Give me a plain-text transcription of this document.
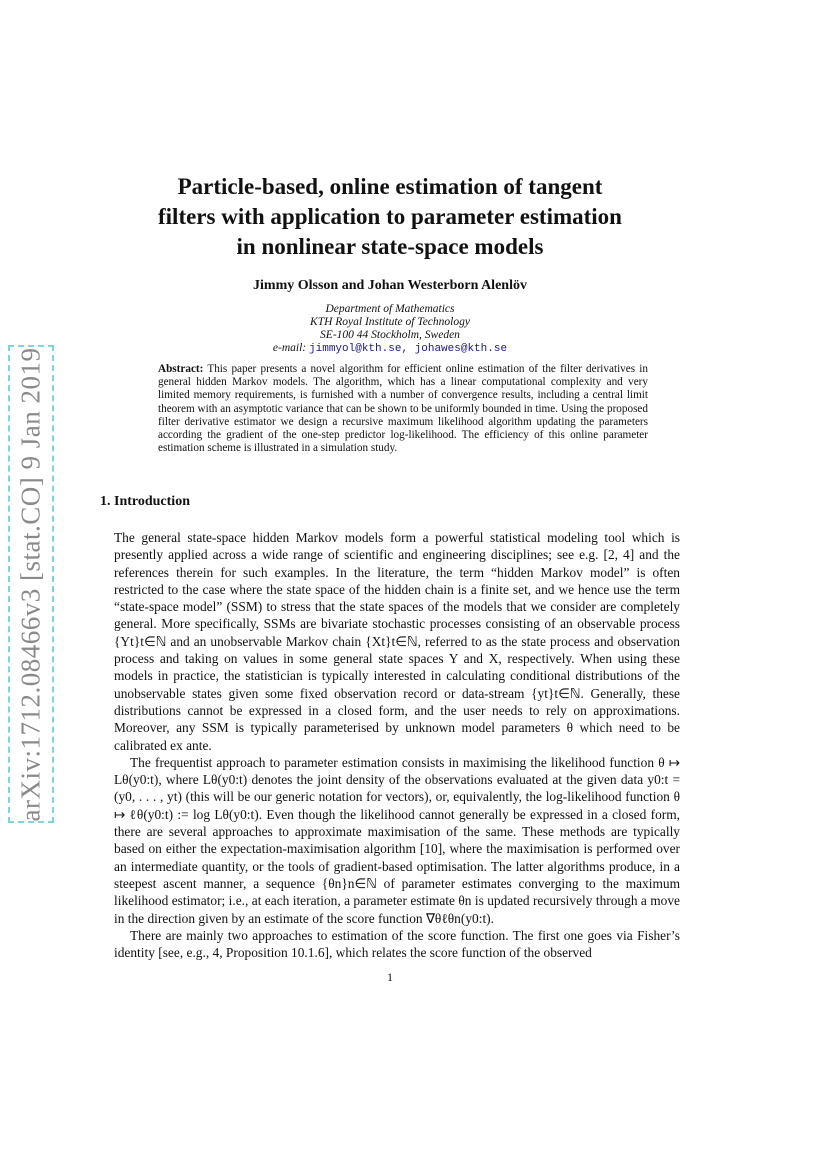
arXiv:1712.08466v3 [stat.CO] 9 Jan 2019
Particle-based, online estimation of tangent
filters with application to parameter estimation
in nonlinear state-space models
Jimmy Olsson and Johan Westerborn Alenlöv
Department of Mathematics
KTH Royal Institute of Technology
SE-100 44 Stockholm, Sweden
e-mail: jimmyol@kth.se, johawes@kth.se
Abstract: This paper presents a novel algorithm for efficient online estimation of the filter derivatives in general hidden Markov models. The algorithm, which has a linear computational complexity and very limited memory requirements, is furnished with a number of convergence results, including a central limit theorem with an asymptotic variance that can be shown to be uniformly bounded in time. Using the proposed filter derivative estimator we design a recursive maximum likelihood algorithm updating the parameters according the gradient of the one-step predictor log-likelihood. The efficiency of this online parameter estimation scheme is illustrated in a simulation study.
1. Introduction

The general state-space hidden Markov models form a powerful statistical modeling tool which is presently applied across a wide range of scientific and engineering disciplines; see e.g. [2, 4] and the references therein for such examples. In the literature, the term “hidden Markov model” is often restricted to the case where the state space of the hidden chain is a finite set, and we hence use the term “state-space model” (SSM) to stress that the state spaces of the models that we consider are completely general. More specifically, SSMs are bivariate stochastic processes consisting of an observable process {Yt}t∈ℕ and an unobservable Markov chain {Xt}t∈ℕ, referred to as the state process and observation process and taking on values in some general state spaces Y and X, respectively. When using these models in practice, the statistician is typically interested in calculating conditional distributions of the unobservable states given some fixed observation record or data-stream {yt}t∈ℕ. Generally, these distributions cannot be expressed in a closed form, and the user needs to rely on approximations. Moreover, any SSM is typically parameterised by unknown model parameters θ which need to be calibrated ex ante.

The frequentist approach to parameter estimation consists in maximising the likelihood function θ ↦ Lθ(y0:t), where Lθ(y0:t) denotes the joint density of the observations evaluated at the given data y0:t = (y0, . . . , yt) (this will be our generic notation for vectors), or, equivalently, the log-likelihood function θ ↦ ℓθ(y0:t) := log Lθ(y0:t). Even though the likelihood cannot generally be expressed in a closed form, there are several approaches to approximate maximisation of the same. These methods are typically based on either the expectation-maximisation algorithm [10], where the maximisation is performed over an intermediate quantity, or the tools of gradient-based optimisation. The latter algorithms produce, in a steepest ascent manner, a sequence {θn}n∈ℕ of parameter estimates converging to the maximum likelihood estimator; i.e., at each iteration, a parameter estimate θn is updated recursively through a move in the direction given by an estimate of the score function ∇θℓθn(y0:t).

There are mainly two approaches to estimation of the score function. The first one goes via Fisher’s identity [see, e.g., 4, Proposition 10.1.6], which relates the score function of the observed

1
